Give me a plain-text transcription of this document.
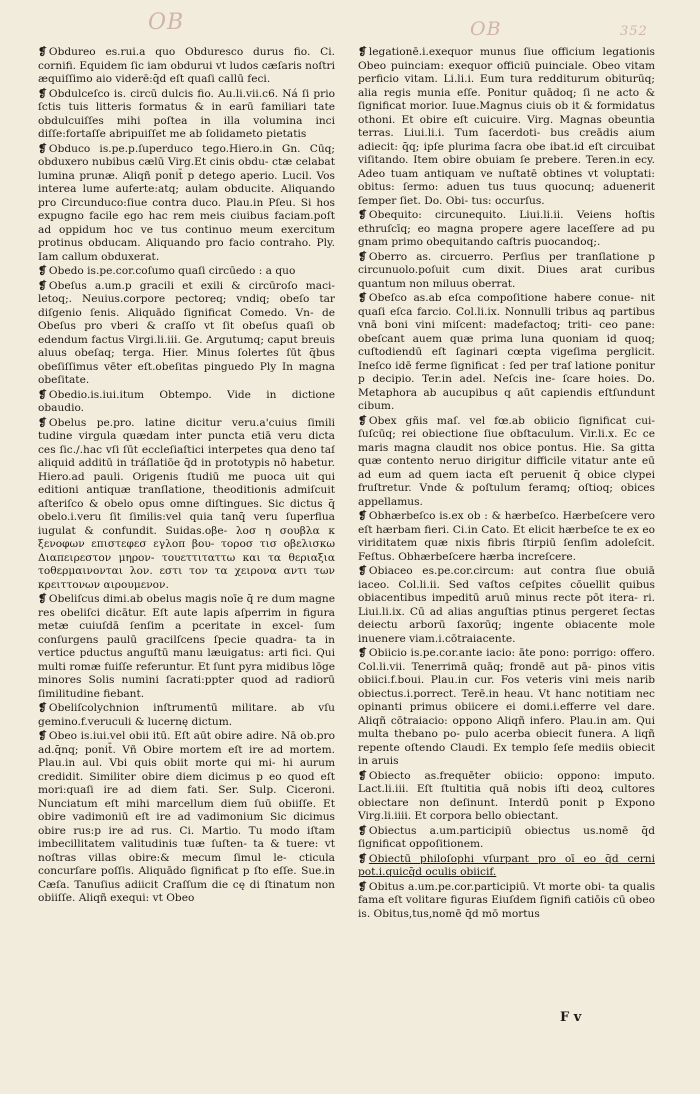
OB	OB	352
❡ Obdureo es.rui.a quo Obduresco durus fio. Ci. cornifi. Equidem ſic iam obdurui vt ludos cæſaris noſtri æquiſſimo aio viderē:q̄d eſt quaſi callū feci.
❡ Obdulceſco is. circū dulcis fio. Au.li.vii.c6. Ná ſi prio ſctis tuis litteris formatus & in earū familiari tate obdulcuiſſes mihi poſtea in illa volumina inci diſſe:fortaſſe abripuiſſet me ab ſolidameto pietatis
❡ Obduco is.pe.p.ſuperduco tego.Hiero.in Gn. Cūq; obduxero nubibus cælū Virg.Et cinis obdu- ctæ celabat lumina prunæ. Aliqñ ponit̄ p detego aperio. Lucil. Vos interea lume auferte:atq; aulam obducite. Aliquando pro Circunduco:ſiue contra duco. Plau.in Pſeu. Si hos expugno facile ego hac rem meis ciuibus faciam.poſt ad oppidum hoc ve tus continuo meum exercitum protinus obducam. Aliquando pro facio contraho. Ply. Iam callum obduxerat.
❡ Obedo is.pe.cor.coſumo quaſi circūedo : a quo
❡ Obeſus a.um.p gracili et exili & circūroſo maci- letoq;. Neuius.corpore pectoreq; vndiq; obeſo tar diſgenio ſenis. Aliquādo ſignificat Comedo. Vn- de Obeſus pro vberi & craſſo vt ſit obeſus quaſi ob edendum factus Virgi.li.iii. Ge. Argutumq; caput breuis aluus obeſaq; terga. Hier. Minus ſolertes ſūt q̄bus obeſiſſimus vēter eſt.obeſitas pinguedo Ply In magna obeſitate.
❡ Obedio.is.iui.itum Obtempo. Vide in dictione obaudio.
❡ Obelus pe.pro. latine dicitur veru.a'cuius ſimili tudine virgula quædam inter puncta etiā veru dicta ces ſic./.hac vſi ſūt eccleſiaſtici interpetes qua deno taſ aliquid additū in tráſlatiōe q̄d in prototypis nō habetur. Hiero.ad pauli. Origenis ſtudiū me puoca uit qui editioni antiquæ tranſlatione, theoditionis admiſcuit aſteriſco & obelo opus omne diſtingues. Sic dictus q̄ obelo.i.veru ſit ſimilis:vel quia tanq̄ veru ſuperflua iugulat & confundit. Suidas.oβe- λοσ η σουβλα κ ξενοφων επιστεφεσ εγλοπ βου- τοροσ τισ οβελισκω Διαπειρεστον μηρον- τουεττιταττω και τα θεριαξια τοθερμαινονται λον. εστι τον τα χειρονα αντι των κρειττονων αιρουμενον.
❡ Obeliſcus dimi.ab obelus magis noīe q̄ re dum magne res obeliſci dicātur. Eſt aute lapis aſperrim in figura metæ cuiuſdā ſenſim a pceritate in excel- ſum conſurgens paulū gracilſcens ſpecie quadra- ta in vertice pductus anguſtū manu læuigatus: arti fici. Qui multi romæ fuiſſe referuntur. Et ſunt pyra midibus lōge minores Solis numini ſacrati:ppter quod ad radiorū ſimilitudine fiebant.
❡ Obeliſcolychnion inſtrumentū militare. ab vſu gemino.f.veruculi & lucernę dictum.
❡ Obeo is.iui.vel obii itū. Eſt aūt obire adire. Nā ob.pro ad.q̄nq; ponit̄. Vñ Obire mortem eſt ire ad mortem. Plau.in aul. Vbi quis obiit morte qui mi- hi aurum credidit. Similiter obire diem dicimus p eo quod eſt mori:quaſi ire ad diem fati. Ser. Sulp. Ciceroni. Nunciatum eſt mihi marcellum diem ſuū obiiſſe. Et obire vadimoniū eſt ire ad vadimonium Sic dicimus obire rus:p ire ad rus. Ci. Martio. Tu modo iſtam imbecillitatem valitudinis tuæ ſuſten- ta & tuere: vt noſtras villas obire:& mecum ſimul le- cticula concurſare poſſis. Aliquādo ſignificat p ſto eſſe. Sue.in Cæſa. Tanuſius adiicit Craſſum die cę di ſtinatum non obiiſſe. Aliqñ exequi: vt Obeo
❡ legationē.i.exequor munus ſiue officium legationis Obeo puinciam: exequor officiū puinciale. Obeo vitam perficio vitam. Li.li.i. Eum tura redditurum obiturūq; alia regis munia eſſe. Ponitur quādoq; ſi ne acto & ſignificat morior. Iuue.Magnus ciuis ob it & formidatus othoni. Et obire eſt cuicuire. Virg. Magnas obeuntia terras. Liui.li.i. Tum ſacerdoti- bus creādis aium adiecit: q̄q; ipſe plurima ſacra obe ibat.id eſt circuibat viſitando. Item obire obuiam ſe prebere. Teren.in ecy. Adeo tuam antiquam ve nuſtatē obtines vt voluptati: obitus: ſermo: aduen tus tuus quocunq; aduenerit ſemper ſiet. Do. Obi- tus: occurſus.
❡ Obequito: circunequito. Liui.li.ii. Veiens hoſtis ethruſcīq; eo magna propere agere laceſſere ad pu gnam primo obequitando caſtris puocandoq;.
❡ Oberro as. circuerro. Perſius per tranſlatione p circunuolo.poſuit cum dixit. Diues arat curibus quantum non miluus oberrat.
❡ Obeſco as.ab eſca compoſitione habere conue- nit quaſi eſca farcio. Col.li.ix. Nonnulli tribus aq partibus vnā boni vini miſcent: madefactoq; triti- ceo pane: obeſcant auem quæ prima luna quoniam id quoq; cuſtodiendū eſt ſaginari cœpta vigeſima perglicit. Ineſco idē ferme ſignificat : ſed per traſ latione ponitur p decipio. Ter.in adel. Neſcis ine- ſcare hoies. Do. Metaphora ab aucupibus q aūt capiendis eſtſundunt cibum.
❡ Obex gñis maſ. vel fœ.ab obiicio ſignificat cui- ſuſcūq; rei obiectione ſiue obſtaculum. Vir.li.x. Ec ce maris magna claudit nos obice pontus. Hie. Sa gitta quæ contento neruo dirigitur difficile vitatur ante eū ad eum ad quem iacta eſt peruenit q̄ obice clypei fruſtretur. Vnde & poſtulum feramq; oſtioq; obices appellamus.
❡ Obhærbeſco is.ex ob : & hærbeſco. Hærbeſcere vero eſt hærbam fieri. Ci.in Cato. Et elicit hærbeſce te ex eo viriditatem quæ nixis fibris ſtirpiū ſenſim adoleſcit. Feſtus. Obhærbeſcere hærba increſcere.
❡ Obiaceo es.pe.cor.circum: aut contra ſiue obuiā iaceo. Col.li.ii. Sed vaſtos ceſpites cōuellit quibus obiacentibus impeditū aruū minus recte pōt itera- ri. Liui.li.ix. Cū ad alias anguſtias ptinus pergeret ſectas deiectu arborū ſaxorūq; ingente obiacente mole inuenere viam.i.cōtraiacente.
❡ Obiicio is.pe.cor.ante iacio: āte pono: porrigo: offero. Col.li.vii. Tenerrimā quāq; frondē aut pā- pinos vitis obiici.f.boui. Plau.in cur. Fos veteris vini meis narib obiectus.i.porrect. Terē.in heau. Vt hanc notitiam nec opinanti primus obiicere ei domi.i.efferre vel dare. Aliqñ cōtraiacio: oppono Aliqñ infero. Plau.in am. Qui multa thebano po- pulo acerba obiecit funera. A liqñ repente oſtendo Claudi. Ex templo ſeſe mediis obiecit in aruis
❡ Obiecto as.frequēter obiicio: oppono: imputo. Lact.li.iii. Eſt ſtultitia quā nobis iſti deoꝝ cultores obiectare non deſinunt. Interdū ponit p Expono Virg.li.iiii. Et corpora bello obiectant.
❡ Obiectus a.um.participiū obiectus us.nomē q̄d ſignificat oppoſitionem.
❡ Obiectū philoſophi vſurpant pro oī eo q̄d cerni pot.i.quicq̄d oculis obiicif.
❡ Obitus a.um.pe.cor.participiū. Vt morte obi- ta qualis fama eſt volitare figuras Eiuſdem ſignifi catiōis cū obeo is. Obitus,tus,nomē q̄d mō mortus
F v
